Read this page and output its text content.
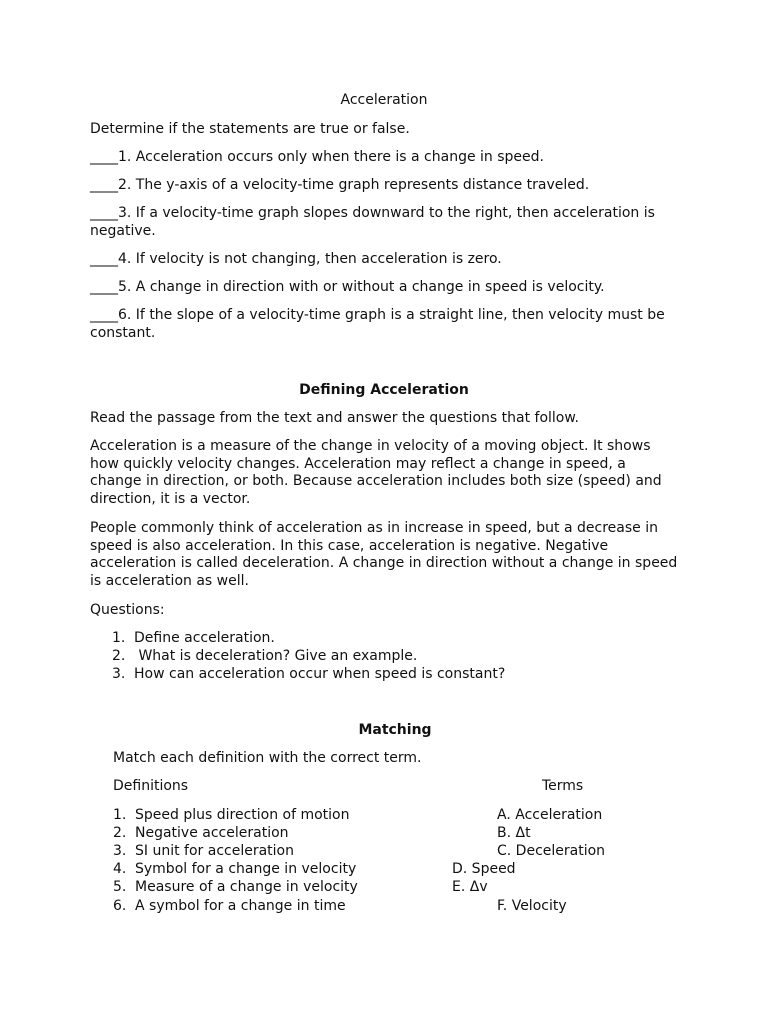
Acceleration

Determine if the statements are true or false.

____1. Acceleration occurs only when there is a change in speed.

____2. The y-axis of a velocity-time graph represents distance traveled.

____3. If a velocity-time graph slopes downward to the right, then acceleration is negative.

____4. If velocity is not changing, then acceleration is zero.

____5. A change in direction with or without a change in speed is velocity.

____6. If the slope of a velocity-time graph is a straight line, then velocity must be constant.

Defining Acceleration

Read the passage from the text and answer the questions that follow.

Acceleration is a measure of the change in velocity of a moving object. It shows how quickly velocity changes. Acceleration may reflect a change in speed, a change in direction, or both. Because acceleration includes both size (speed) and direction, it is a vector.

People commonly think of acceleration as in increase in speed, but a decrease in speed is also acceleration. In this case, acceleration is negative. Negative acceleration is called deceleration. A change in direction without a change in speed is acceleration as well.

Questions:

1. Define acceleration.

2. What is deceleration? Give an example.

3. How can acceleration occur when speed is constant?

Matching

Match each definition with the correct term.

Definitions	Terms

1. Speed plus direction of motion

2. Negative acceleration

3. SI unit for acceleration

4. Symbol for a change in velocity

5. Measure of a change in velocity

6. A symbol for a change in time

A. Acceleration

B. Δt

C. Deceleration

D. Speed

E. Δv

F. Velocity
